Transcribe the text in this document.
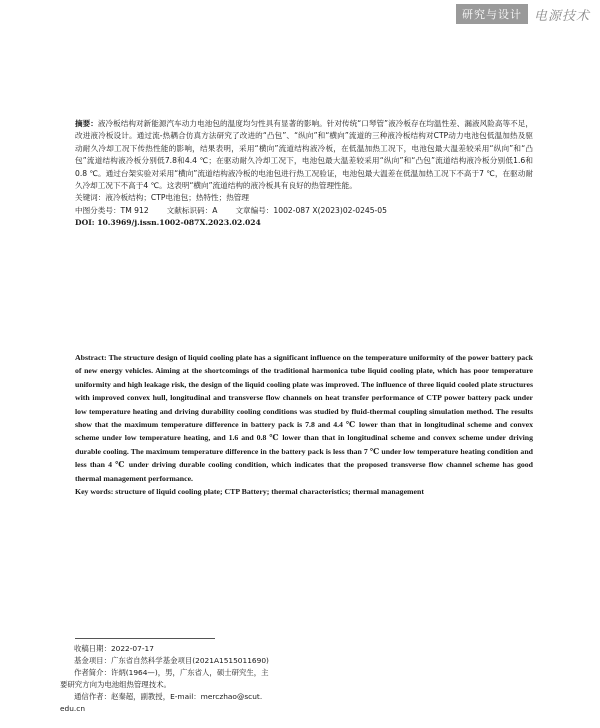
研究与设计 电源技术

摘要：液冷板结构对新能源汽车动力电池包的温度均匀性具有显著的影响。针对传统“口琴管”液冷板存在均温性差、漏液风险高等不足，改进液冷板设计。通过流-热耦合仿真方法研究了改进的“凸包”、“纵向”和“横向”流道的三种液冷板结构对CTP动力电池包低温加热及驱动耐久冷却工况下传热性能的影响，结果表明，采用“横向”流道结构液冷板，在低温加热工况下，电池包最大温差较采用“纵向”和“凸包”流道结构液冷板分别低7.8和4.4 ℃；在驱动耐久冷却工况下，电池包最大温差较采用“纵向”和“凸包”流道结构液冷板分别低1.6和0.8 ℃。通过台架实验对采用“横向”流道结构液冷板的电池包进行热工况验证，电池包最大温差在低温加热工况下不高于7 ℃，在驱动耐久冷却工况下不高于4 ℃。这表明“横向”流道结构的液冷板具有良好的热管理性能。

关键词：液冷板结构；CTP电池包；热特性；热管理
中图分类号：TM 912 文献标识码：A 文章编号：1002-087 X(2023)02-0245-05
DOI: 10.3969/j.issn.1002-087X.2023.02.024

Abstract: The structure design of liquid cooling plate has a significant influence on the temperature uniformity of the power battery pack of new energy vehicles. Aiming at the shortcomings of the traditional harmonica tube liquid cooling plate, which has poor temperature uniformity and high leakage risk, the design of the liquid cooling plate was improved. The influence of three liquid cooled plate structures with improved convex hull, longitudinal and transverse flow channels on heat transfer performance of CTP power battery pack under low temperature heating and driving durability cooling conditions was studied by fluid-thermal coupling simulation method. The results show that the maximum temperature difference in battery pack is 7.8 and 4.4 ℃ lower than that in longitudinal scheme and convex scheme under low temperature heating, and 1.6 and 0.8 ℃ lower than that in longitudinal scheme and convex scheme under driving durable cooling. The maximum temperature difference in the battery pack is less than 7 ℃ under low temperature heating condition and less than 4 ℃ under driving durable cooling condition, which indicates that the proposed transverse flow channel scheme has good thermal management performance.

Key words: structure of liquid cooling plate; CTP Battery; thermal characteristics; thermal management

收稿日期：2022-07-17
基金项目：广东省自然科学基金项目(2021A1515011690)
作者简介：许炳(1964—)，男，广东省人，硕士研究生，主
要研究方向为电池组热管理技术。
通信作者：赵秦超，副教授，E-mail：merczhao@scut.
edu.cn
